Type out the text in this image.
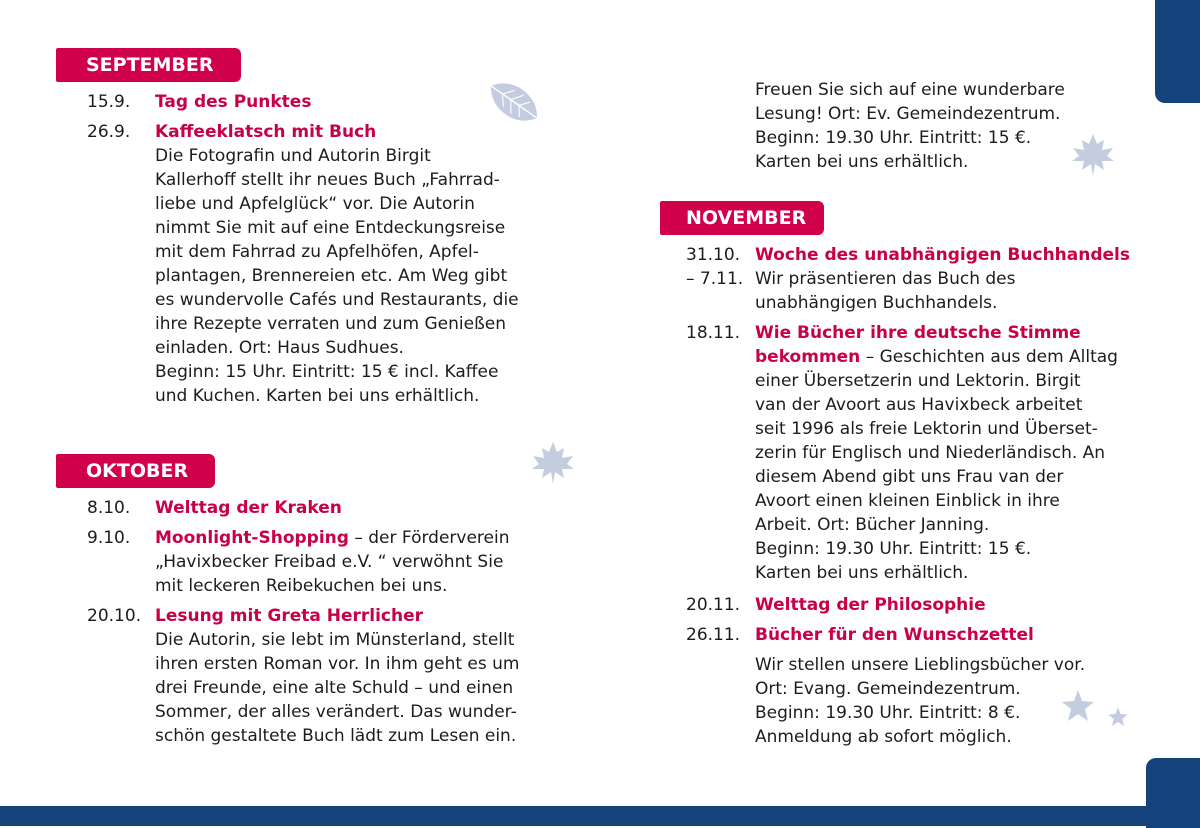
SEPTEMBER
15.9. Tag des Punktes
26.9. Kaffeeklatsch mit Buch
Die Fotografin und Autorin Birgit
Kallerhoff stellt ihr neues Buch „Fahrrad-
liebe und Apfelglück“ vor. Die Autorin
nimmt Sie mit auf eine Entdeckungsreise
mit dem Fahrrad zu Apfelhöfen, Apfel-
plantagen, Brennereien etc. Am Weg gibt
es wundervolle Cafés und Restaurants, die
ihre Rezepte verraten und zum Genießen
einladen. Ort: Haus Sudhues.
Beginn: 15 Uhr. Eintritt: 15 € incl. Kaffee
und Kuchen. Karten bei uns erhältlich.
OKTOBER
8.10. Welttag der Kraken
9.10. Moonlight-Shopping – der Förderverein
„Havixbecker Freibad e.V. “ verwöhnt Sie
mit leckeren Reibekuchen bei uns.
20.10. Lesung mit Greta Herrlicher
Die Autorin, sie lebt im Münsterland, stellt
ihren ersten Roman vor. In ihm geht es um
drei Freunde, eine alte Schuld – und einen
Sommer, der alles verändert. Das wunder-
schön gestaltete Buch lädt zum Lesen ein.
Freuen Sie sich auf eine wunderbare
Lesung! Ort: Ev. Gemeindezentrum.
Beginn: 19.30 Uhr. Eintritt: 15 €.
Karten bei uns erhältlich.
NOVEMBER
31.10.
– 7.11.
Woche des unabhängigen Buchhandels
Wir präsentieren das Buch des
unabhängigen Buchhandels.
18.11. Wie Bücher ihre deutsche Stimme
bekommen – Geschichten aus dem Alltag
einer Übersetzerin und Lektorin. Birgit
van der Avoort aus Havixbeck arbeitet
seit 1996 als freie Lektorin und Überset-
zerin für Englisch und Niederländisch. An
diesem Abend gibt uns Frau van der
Avoort einen kleinen Einblick in ihre
Arbeit. Ort: Bücher Janning.
Beginn: 19.30 Uhr. Eintritt: 15 €.
Karten bei uns erhältlich.
20.11. Welttag der Philosophie
26.11. Bücher für den Wunschzettel
Wir stellen unsere Lieblingsbücher vor.
Ort: Evang. Gemeindezentrum.
Beginn: 19.30 Uhr. Eintritt: 8 €.
Anmeldung ab sofort möglich.
